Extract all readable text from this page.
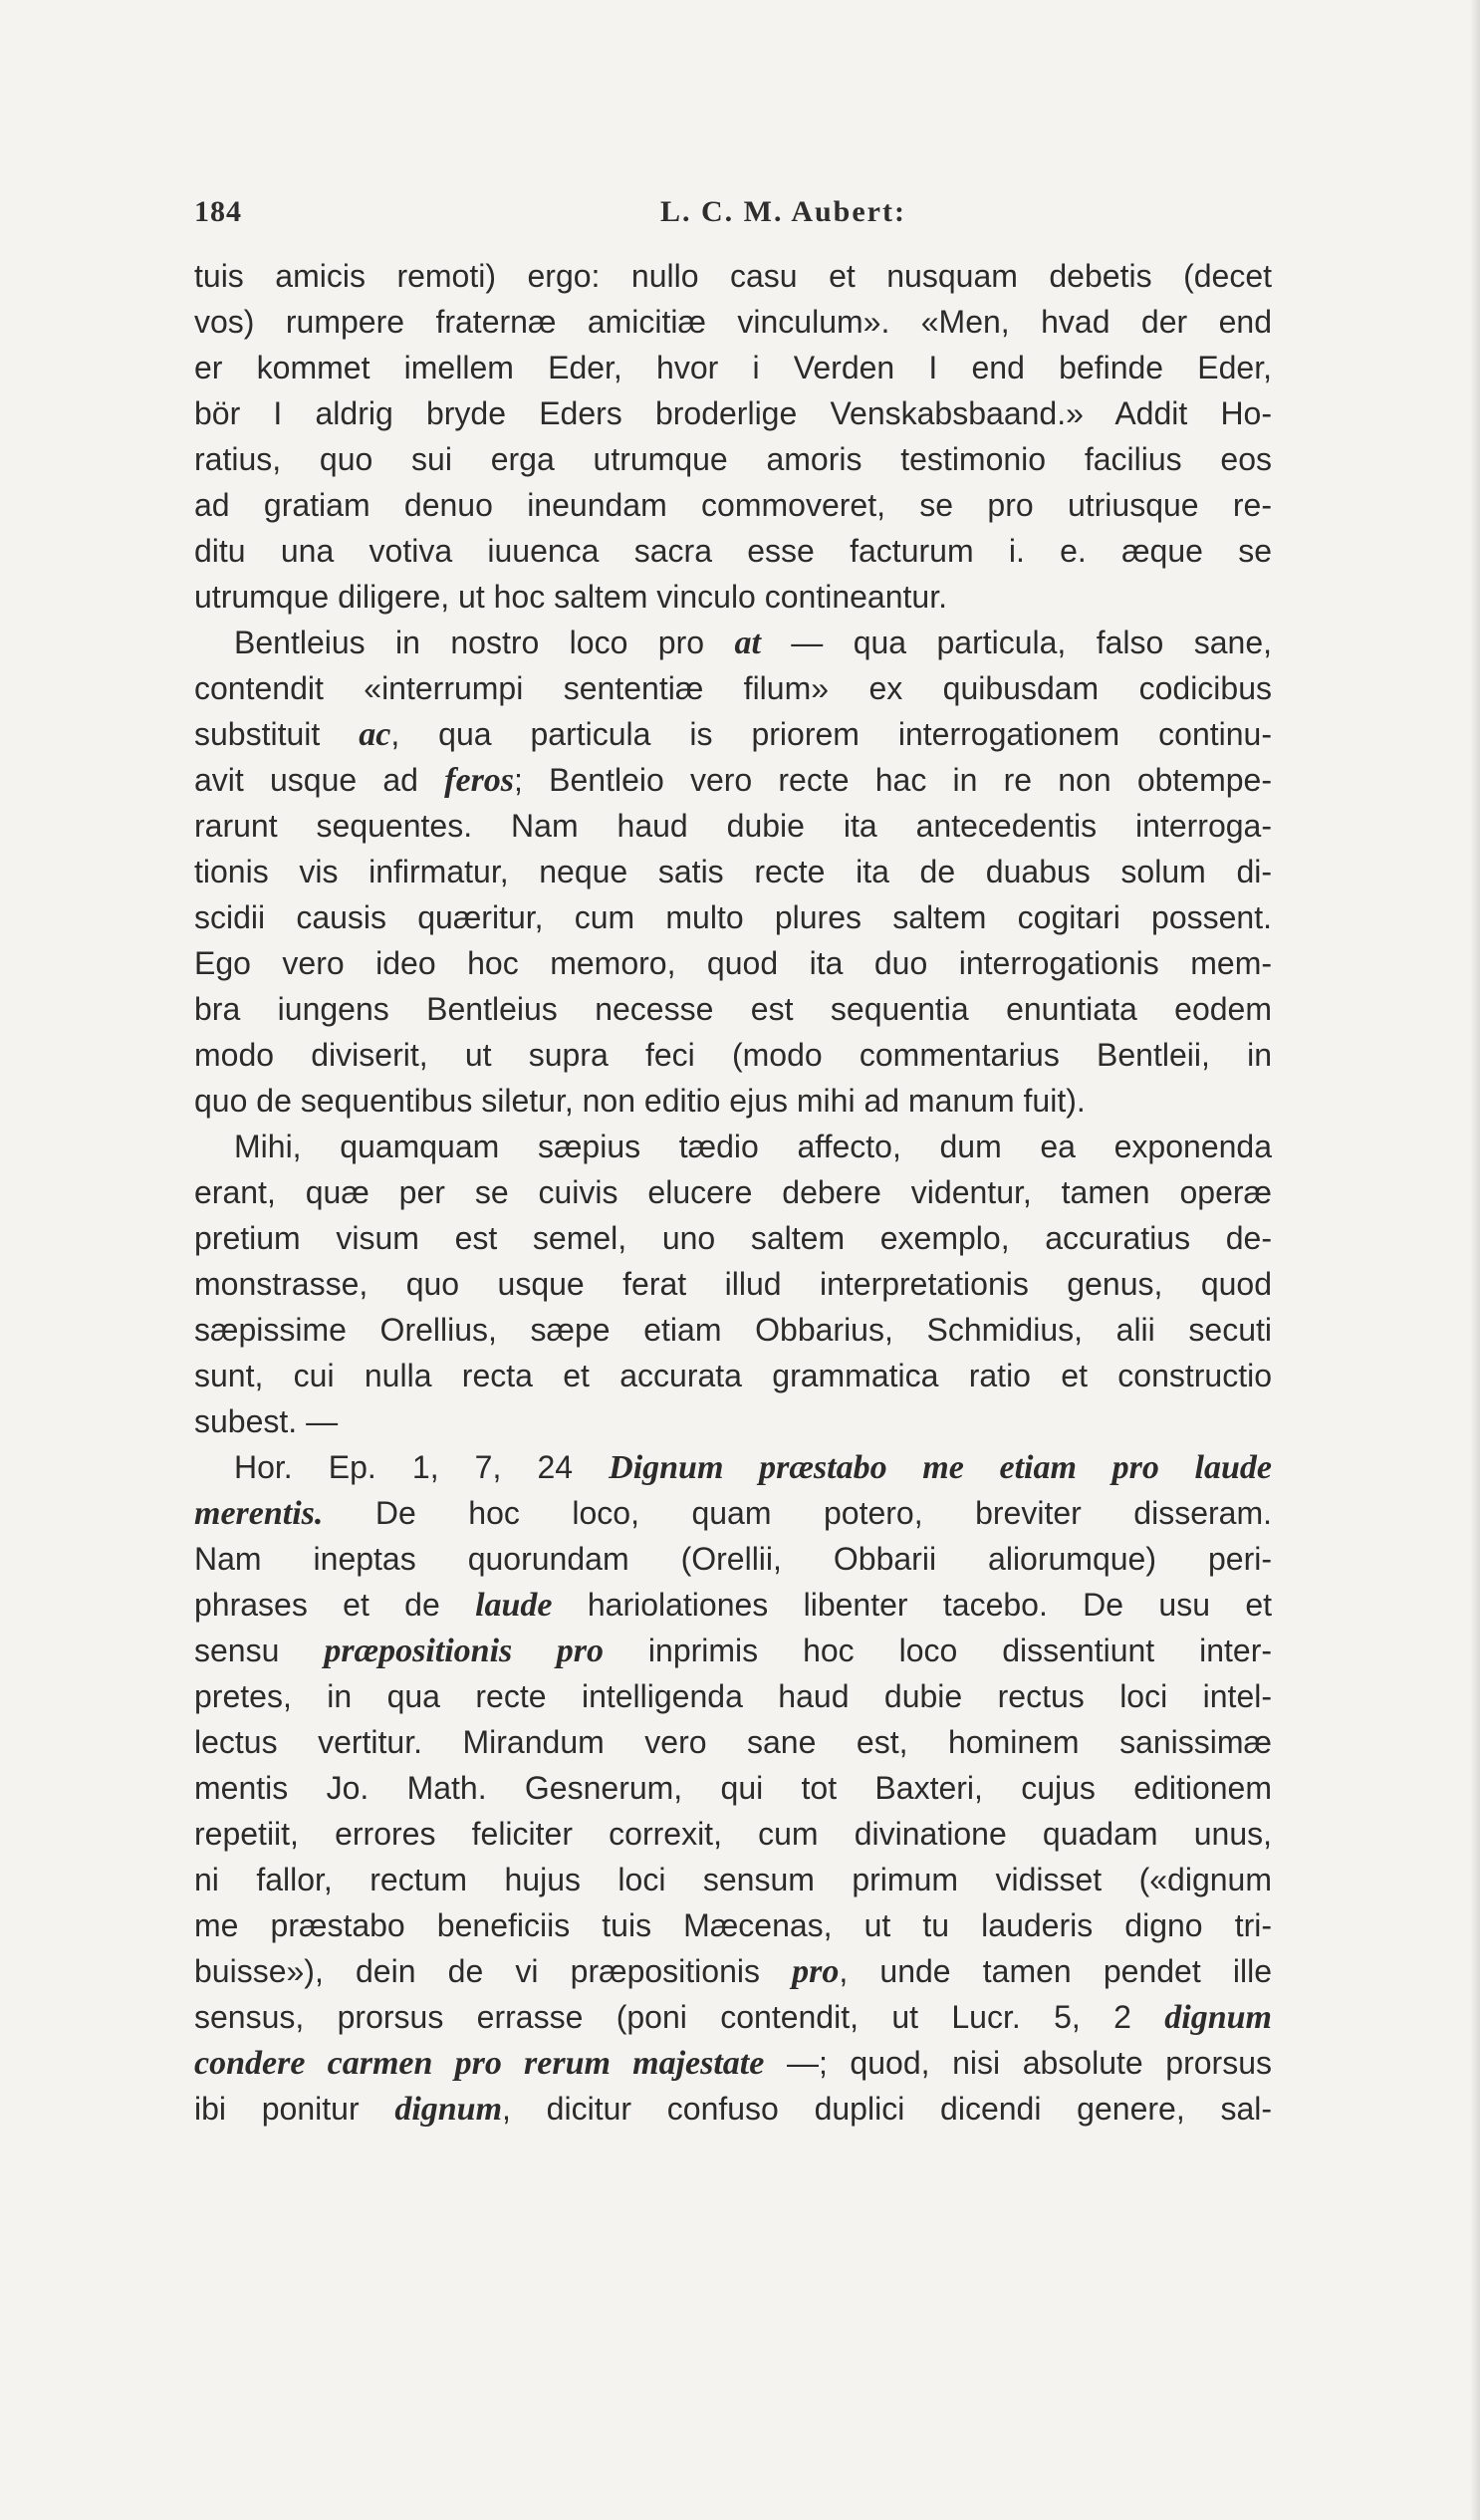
184	L. C. M. Aubert:
tuis amicis remoti) ergo: nullo casu et nusquam debetis (decet
vos) rumpere fraternæ amicitiæ vinculum». «Men, hvad der end
er kommet imellem Eder, hvor i Verden I end befinde Eder,
bör I aldrig bryde Eders broderlige Venskabsbaand.» Addit Ho-
ratius, quo sui erga utrumque amoris testimonio facilius eos
ad gratiam denuo ineundam commoveret, se pro utriusque re-
ditu una votiva iuuenca sacra esse facturum i. e. æque se
utrumque diligere, ut hoc saltem vinculo contineantur.
Bentleius in nostro loco pro at — qua particula, falso sane,
contendit «interrumpi sententiæ filum» ex quibusdam codicibus
substituit ac, qua particula is priorem interrogationem continu-
avit usque ad feros; Bentleio vero recte hac in re non obtempe-
rarunt sequentes. Nam haud dubie ita antecedentis interroga-
tionis vis infirmatur, neque satis recte ita de duabus solum di-
scidii causis quæritur, cum multo plures saltem cogitari possent.
Ego vero ideo hoc memoro, quod ita duo interrogationis mem-
bra iungens Bentleius necesse est sequentia enuntiata eodem
modo diviserit, ut supra feci (modo commentarius Bentleii, in
quo de sequentibus siletur, non editio ejus mihi ad manum fuit).
Mihi, quamquam sæpius tædio affecto, dum ea exponenda
erant, quæ per se cuivis elucere debere videntur, tamen operæ
pretium visum est semel, uno saltem exemplo, accuratius de-
monstrasse, quo usque ferat illud interpretationis genus, quod
sæpissime Orellius, sæpe etiam Obbarius, Schmidius, alii secuti
sunt, cui nulla recta et accurata grammatica ratio et constructio
subest. —
Hor. Ep. 1, 7, 24 Dignum præstabo me etiam pro laude
merentis. De hoc loco, quam potero, breviter disseram.
Nam ineptas quorundam (Orellii, Obbarii aliorumque) peri-
phrases et de laude hariolationes libenter tacebo. De usu et
sensu præpositionis pro inprimis hoc loco dissentiunt inter-
pretes, in qua recte intelligenda haud dubie rectus loci intel-
lectus vertitur. Mirandum vero sane est, hominem sanissimæ
mentis Jo. Math. Gesnerum, qui tot Baxteri, cujus editionem
repetiit, errores feliciter correxit, cum divinatione quadam unus,
ni fallor, rectum hujus loci sensum primum vidisset («dignum
me præstabo beneficiis tuis Mæcenas, ut tu lauderis digno tri-
buisse»), dein de vi præpositionis pro, unde tamen pendet ille
sensus, prorsus errasse (poni contendit, ut Lucr. 5, 2 dignum
condere carmen pro rerum majestate —; quod, nisi absolute prorsus
ibi ponitur dignum, dicitur confuso duplici dicendi genere, sal-
